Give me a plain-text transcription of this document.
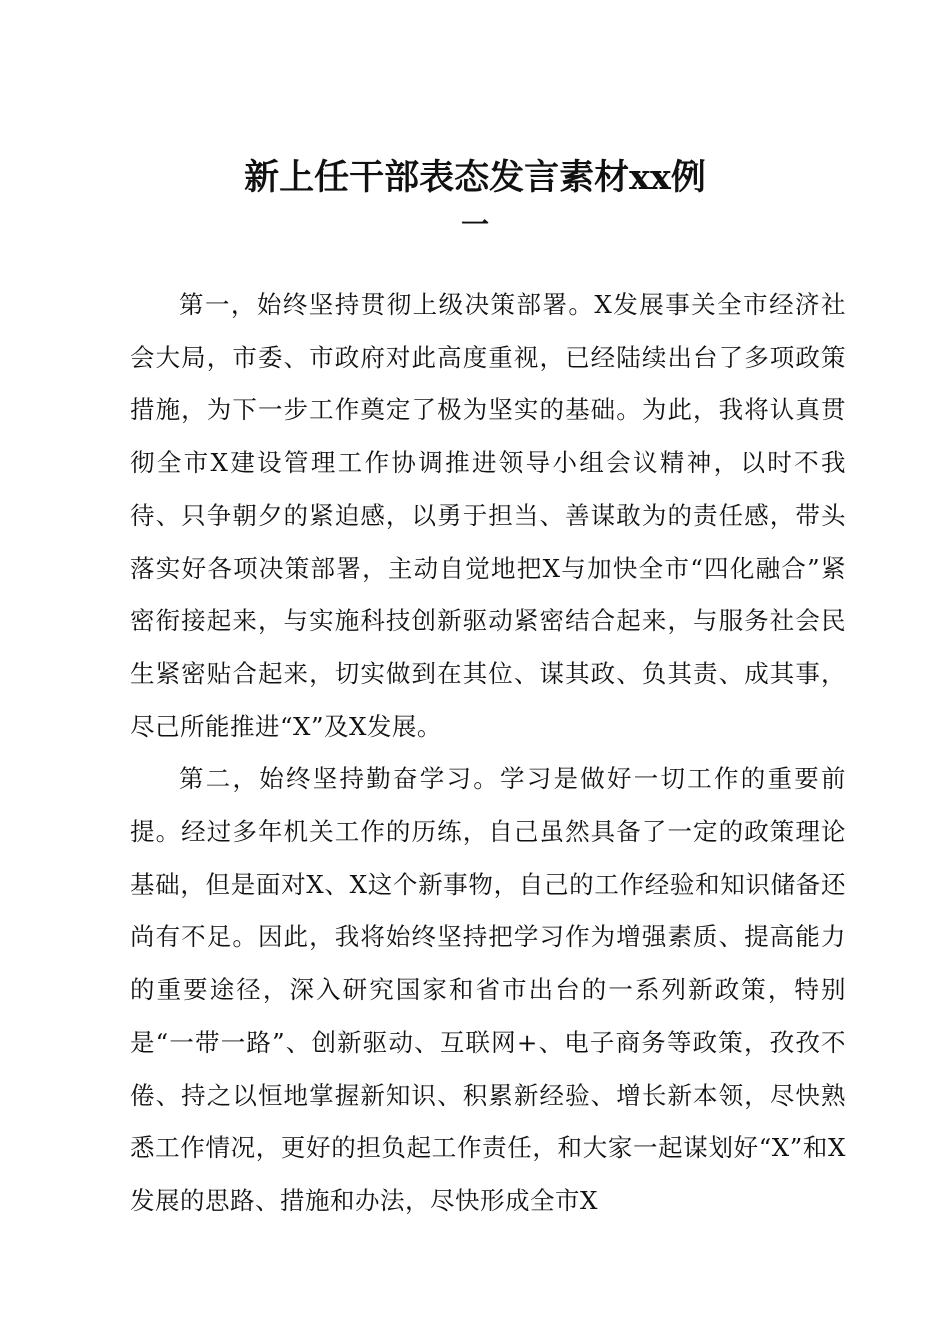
新上任干部表态发言素材xx例
一

第一，始终坚持贯彻上级决策部署。X发展事关全市经济社会大局，市委、市政府对此高度重视，已经陆续出台了多项政策措施，为下一步工作奠定了极为坚实的基础。为此，我将认真贯彻全市X建设管理工作协调推进领导小组会议精神，以时不我待、只争朝夕的紧迫感，以勇于担当、善谋敢为的责任感，带头落实好各项决策部署，主动自觉地把X与加快全市“四化融合”紧密衔接起来，与实施科技创新驱动紧密结合起来，与服务社会民生紧密贴合起来，切实做到在其位、谋其政、负其责、成其事，尽己所能推进“X”及X发展。

第二，始终坚持勤奋学习。学习是做好一切工作的重要前提。经过多年机关工作的历练，自己虽然具备了一定的政策理论基础，但是面对X、X这个新事物，自己的工作经验和知识储备还尚有不足。因此，我将始终坚持把学习作为增强素质、提高能力的重要途径，深入研究国家和省市出台的一系列新政策，特别是“一带一路”、创新驱动、互联网+、电子商务等政策，孜孜不倦、持之以恒地掌握新知识、积累新经验、增长新本领，尽快熟悉工作情况，更好的担负起工作责任，和大家一起谋划好“X”和X发展的思路、措施和办法，尽快形成全市X
